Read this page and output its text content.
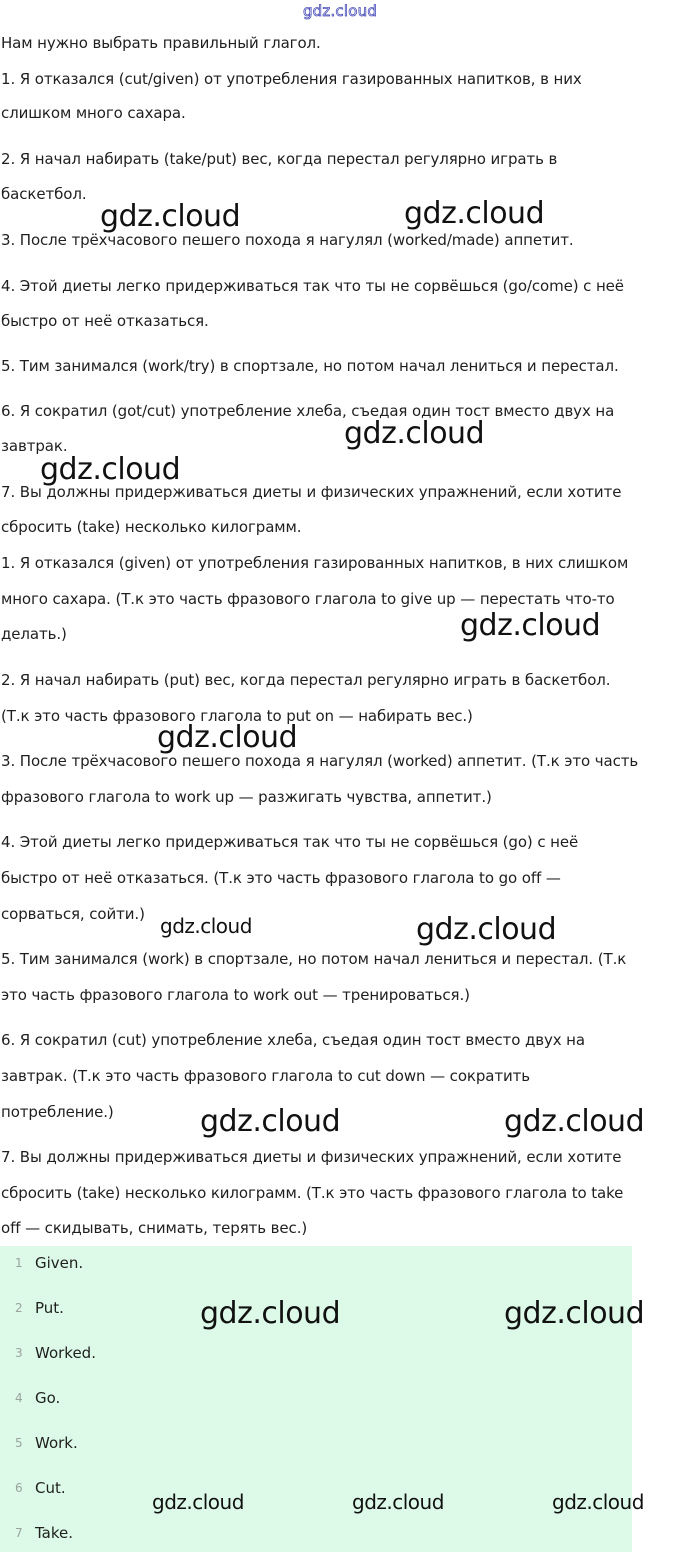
gdz.cloud
Нам нужно выбрать правильный глагол.
1. Я отказался (cut/given) от употребления газированных напитков, в них
слишком много сахара.
2. Я начал набирать (take/put) вес, когда перестал регулярно играть в
баскетбол.
3. После трёхчасового пешего похода я нагулял (worked/made) аппетит.
4. Этой диеты легко придерживаться так что ты не сорвёшься (go/come) с неё
быстро от неё отказаться.
5. Тим занимался (work/try) в спортзале, но потом начал лениться и перестал.
6. Я сократил (got/cut) употребление хлеба, съедая один тост вместо двух на
завтрак.
7. Вы должны придерживаться диеты и физических упражнений, если хотите
сбросить (take) несколько килограмм.
1. Я отказался (given) от употребления газированных напитков, в них слишком
много сахара. (Т.к это часть фразового глагола to give up — перестать что-то
делать.)
2. Я начал набирать (put) вес, когда перестал регулярно играть в баскетбол.
(Т.к это часть фразового глагола to put on — набирать вес.)
3. После трёхчасового пешего похода я нагулял (worked) аппетит. (Т.к это часть
фразового глагола to work up — разжигать чувства, аппетит.)
4. Этой диеты легко придерживаться так что ты не сорвёшься (go) с неё
быстро от неё отказаться. (Т.к это часть фразового глагола to go off —
сорваться, сойти.)
5. Тим занимался (work) в спортзале, но потом начал лениться и перестал. (Т.к
это часть фразового глагола to work out — тренироваться.)
6. Я сократил (cut) употребление хлеба, съедая один тост вместо двух на
завтрак. (Т.к это часть фразового глагола to cut down — сократить
потребление.)
7. Вы должны придерживаться диеты и физических упражнений, если хотите
сбросить (take) несколько килограмм. (Т.к это часть фразового глагола to take
off — скидывать, снимать, терять вес.)
1 Given.
2 Put.
3 Worked.
4 Go.
5 Work.
6 Cut.
7 Take.
gdz.cloud	gdz.cloud
gdz.cloud
gdz.cloud
gdz.cloud
gdz.cloud
gdz.cloud	gdz.cloud
gdz.cloud	gdz.cloud
gdz.cloud	gdz.cloud
gdz.cloud	gdz.cloud	gdz.cloud
